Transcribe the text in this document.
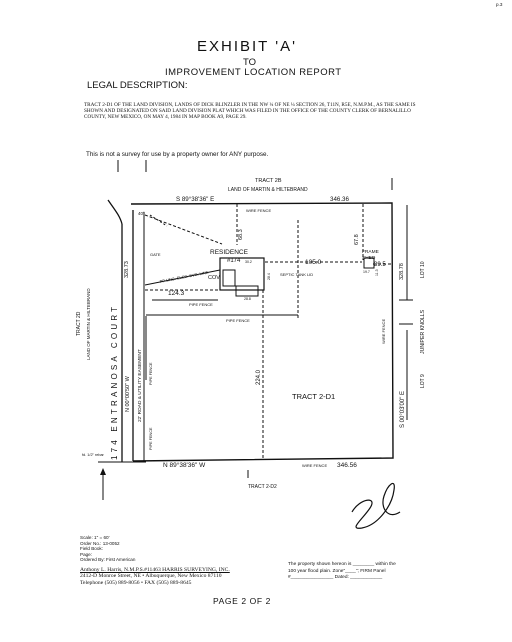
p.3
EXHIBIT 'A'
TO
IMPROVEMENT LOCATION REPORT
LEGAL DESCRIPTION:
TRACT 2-D1 OF THE LAND DIVISION, LANDS OF DICK BLINZLER IN THE NW ¼ OF NE ¼ SECTION 26, T11N, R5E, N.M.P.M., AS THE SAME IS SHOWN AND DESIGNATED ON SAID LAND DIVISION PLAT WHICH WAS FILED IN THE OFFICE OF THE COUNTY CLERK OF BERNALILLO COUNTY, NEW MEXICO, ON MAY 4, 1984 IN MAP BOOK A9, PAGE 29.
This is not a survey for use by a property owner for ANY purpose.
TRACT 2B
LAND OF MARTIN & HILTEBRAND
S 89°38'36" E	346.36
WIRE FENCE
40°
GATE	RESIDENCE
#174
68.3	67.8
FRAME
SHED
105.0	39.5
30.2
28.4
19.7 11.3
SEPTIC TANK LID
COV
PP UNG. ELEC. SVC. LINE
124.3
28.8
PIPE FENCE
PIPE FENCE
328.73	328.78
224.0
TRACT 2-D1
WIRE FENCE
S 00°03'00" E
174 ENTRANOSA COURT N 00°00'50" W 22' ROAD & UTILITY EASEMENT PIPE FENCE
PIPE FENCE
TRACT 2D LAND OF MARTIN & HILTEBRAND
WIRE FENCE
N 89°38'36" W	346.56
TRACT 2-D2
LOT 10
JUNIPER KNOLLS
LOT 9
fd. 1/2" rebar
Scale: 1" = 60'
Order No.: 13-0052
Field Book:
Page:
Ordered By: First American
Anthony L. Harris, N.M.P.S.#11463 HARRIS SURVEYING, INC.
2412-D Monroe Street, NE • Albuquerque, New Mexico 87110
Telephone (505) 889-8056 • FAX (505) 889-8645
The property shown hereon is ________ within the
100 year flood plain. Zone"____"; FIRM Panel
#________________ Dated: ____________
PAGE 2 OF 2
